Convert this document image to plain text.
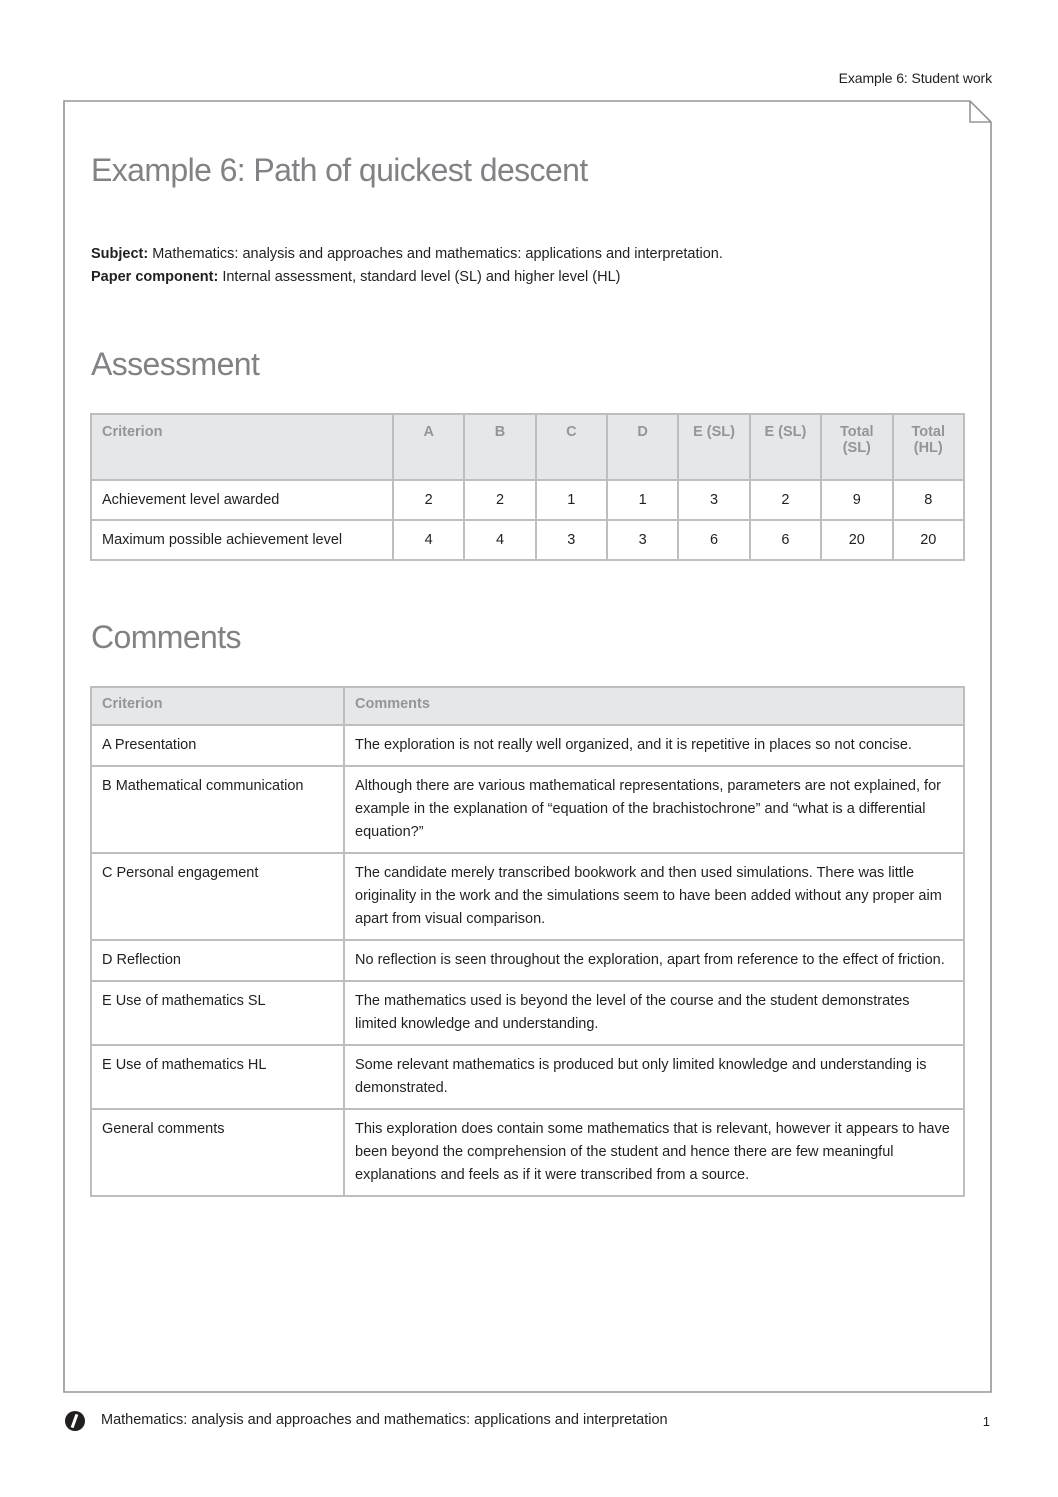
Example 6: Student work
Example 6: Path of quickest descent
Subject: Mathematics: analysis and approaches and mathematics: applications and interpretation.
Paper component: Internal assessment, standard level (SL) and higher level (HL)
Assessment
Criterion	A	B	C	D	E (SL)	E (SL)	Total (SL)	Total (HL)
Achievement level awarded	2	2	1	1	3	2	9	8
Maximum possible achievement level	4	4	3	3	6	6	20	20
Comments
Criterion	Comments
A Presentation	The exploration is not really well organized, and it is repetitive in places so not concise.
B Mathematical communication	Although there are various mathematical representations, parameters are not explained, for example in the explanation of “equation of the brachistochrone” and “what is a differential equation?”
C Personal engagement	The candidate merely transcribed bookwork and then used simulations. There was little originality in the work and the simulations seem to have been added without any proper aim apart from visual comparison.
D Reflection	No reflection is seen throughout the exploration, apart from reference to the effect of friction.
E Use of mathematics SL	The mathematics used is beyond the level of the course and the student demonstrates limited knowledge and understanding.
E Use of mathematics HL	Some relevant mathematics is produced but only limited knowledge and understanding is demonstrated.
General comments	This exploration does contain some mathematics that is relevant, however it appears to have been beyond the comprehension of the student and hence there are few meaningful explanations and feels as if it were transcribed from a source.
Mathematics: analysis and approaches and mathematics: applications and interpretation	1
